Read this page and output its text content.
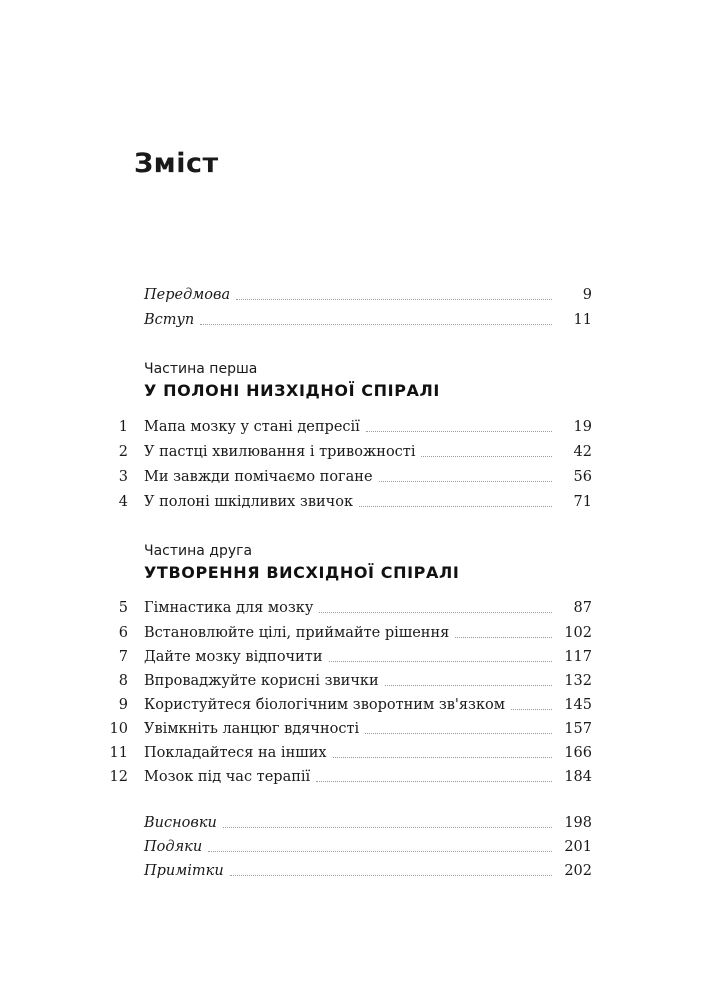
Зміст
Передмова	9
Вступ	11
Частина перша
У ПОЛОНІ НИЗХІДНОЇ СПІРАЛІ
1 Мапа мозку у стані депресії	19
2 У пастці хвилювання і тривожності	42
3 Ми завжди помічаємо погане	56
4 У полоні шкідливих звичок	71
Частина друга
УТВОРЕННЯ ВИСХІДНОЇ СПІРАЛІ
5 Гімнастика для мозку	87
6 Встановлюйте цілі, приймайте рішення	102
7 Дайте мозку відпочити	117
8 Впроваджуйте корисні звички	132
9 Користуйтеся біологічним зворотним зв'язком	145
10 Увімкніть ланцюг вдячності	157
11 Покладайтеся на інших	166
12 Мозок під час терапії	184
Висновки	198
Подяки	201
Примітки	202
